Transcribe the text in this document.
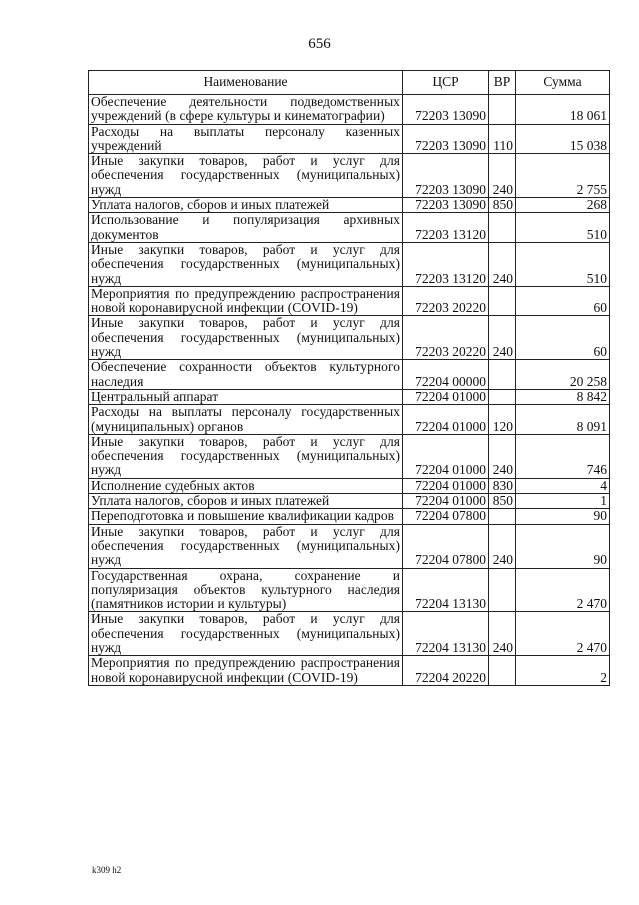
656
Наименование	ЦСР	ВР	Сумма
Обеспечение деятельности подведомственных учреждений (в сфере культуры и кинематографии)	72203 13090		18 061
Расходы на выплаты персоналу казенных учреждений	72203 13090	110	15 038
Иные закупки товаров, работ и услуг для обеспечения государственных (муниципальных) нужд	72203 13090	240	2 755
Уплата налогов, сборов и иных платежей	72203 13090	850	268
Использование и популяризация архивных документов	72203 13120		510
Иные закупки товаров, работ и услуг для обеспечения государственных (муниципальных) нужд	72203 13120	240	510
Мероприятия по предупреждению распространения новой коронавирусной инфекции (COVID-19)	72203 20220		60
Иные закупки товаров, работ и услуг для обеспечения государственных (муниципальных) нужд	72203 20220	240	60
Обеспечение сохранности объектов культурного наследия	72204 00000		20 258
Центральный аппарат	72204 01000		8 842
Расходы на выплаты персоналу государственных (муниципальных) органов	72204 01000	120	8 091
Иные закупки товаров, работ и услуг для обеспечения государственных (муниципальных) нужд	72204 01000	240	746
Исполнение судебных актов	72204 01000	830	4
Уплата налогов, сборов и иных платежей	72204 01000	850	1
Переподготовка и повышение квалификации кадров	72204 07800		90
Иные закупки товаров, работ и услуг для обеспечения государственных (муниципальных) нужд	72204 07800	240	90
Государственная охрана, сохранение и популяризация объектов культурного наследия (памятников истории и культуры)	72204 13130		2 470
Иные закупки товаров, работ и услуг для обеспечения государственных (муниципальных) нужд	72204 13130	240	2 470
Мероприятия по предупреждению распространения новой коронавирусной инфекции (COVID-19)	72204 20220		2
k309 h2
